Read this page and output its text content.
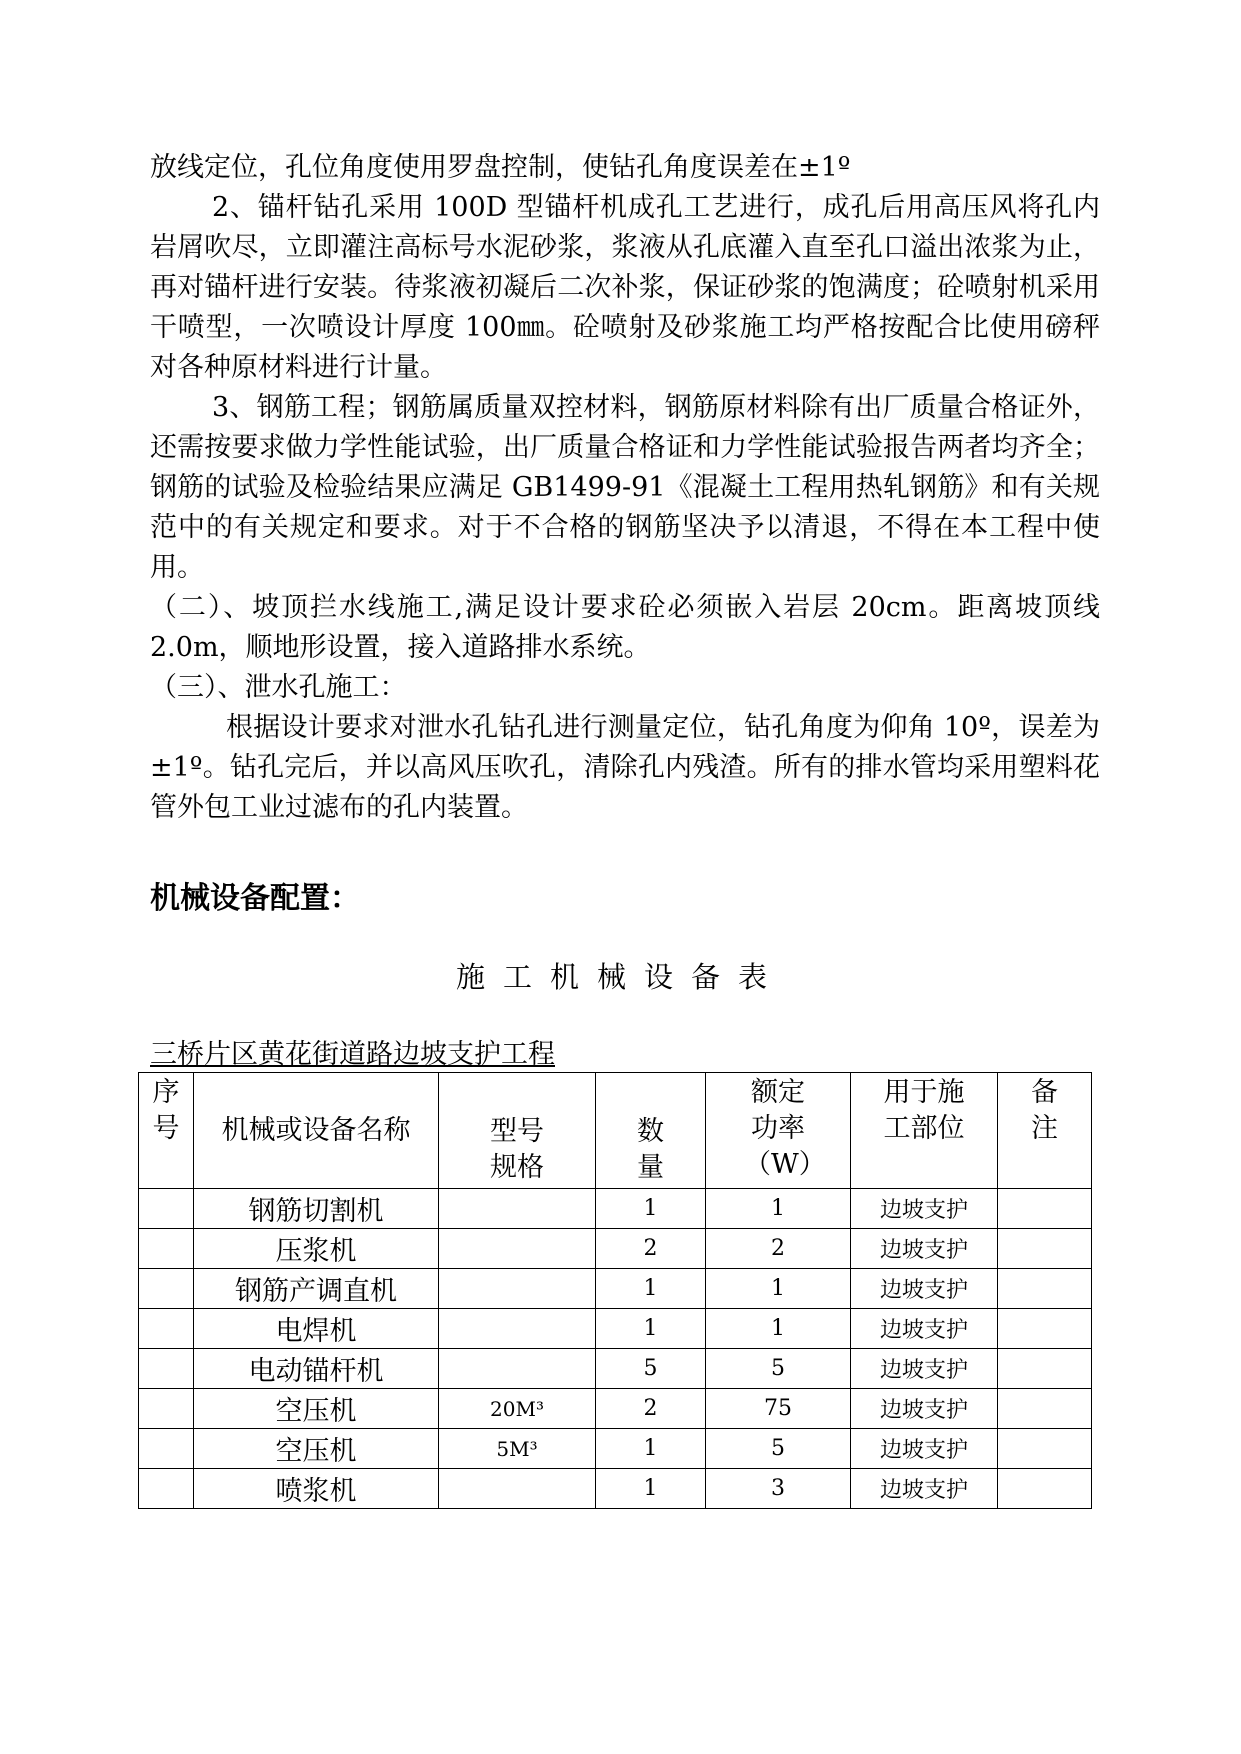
放线定位，孔位角度使用罗盘控制，使钻孔角度误差在±1º

2、锚杆钻孔采用 100D 型锚杆机成孔工艺进行，成孔后用高压风将孔内岩屑吹尽，立即灌注高标号水泥砂浆，浆液从孔底灌入直至孔口溢出浓浆为止，再对锚杆进行安装。待浆液初凝后二次补浆，保证砂浆的饱满度；砼喷射机采用干喷型，一次喷设计厚度 100㎜。砼喷射及砂浆施工均严格按配合比使用磅秤对各种原材料进行计量。

3、钢筋工程；钢筋属质量双控材料，钢筋原材料除有出厂质量合格证外，还需按要求做力学性能试验，出厂质量合格证和力学性能试验报告两者均齐全；钢筋的试验及检验结果应满足 GB1499-91《混凝土工程用热轧钢筋》和有关规范中的有关规定和要求。对于不合格的钢筋坚决予以清退，不得在本工程中使用。

（二）、坡顶拦水线施工,满足设计要求砼必须嵌入岩层 20cm。距离坡顶线 2.0m，顺地形设置，接入道路排水系统。

（三）、泄水孔施工：

根据设计要求对泄水孔钻孔进行测量定位，钻孔角度为仰角 10º，误差为±1º。钻孔完后，并以高风压吹孔，清除孔内残渣。所有的排水管均采用塑料花管外包工业过滤布的孔内装置。

机械设备配置：

施工机械设备表

三桥片区黄花街道路边坡支护工程

序号	机械或设备名称	型号规格	数量	额定功率（W）	用于施工部位	备注
	钢筋切割机		1	1	边坡支护	
	压浆机		2	2	边坡支护	
	钢筋产调直机		1	1	边坡支护	
	电焊机		1	1	边坡支护	
	电动锚杆机		5	5	边坡支护	
	空压机	20M³	2	75	边坡支护	
	空压机	5M³	1	5	边坡支护	
	喷浆机		1	3	边坡支护	
